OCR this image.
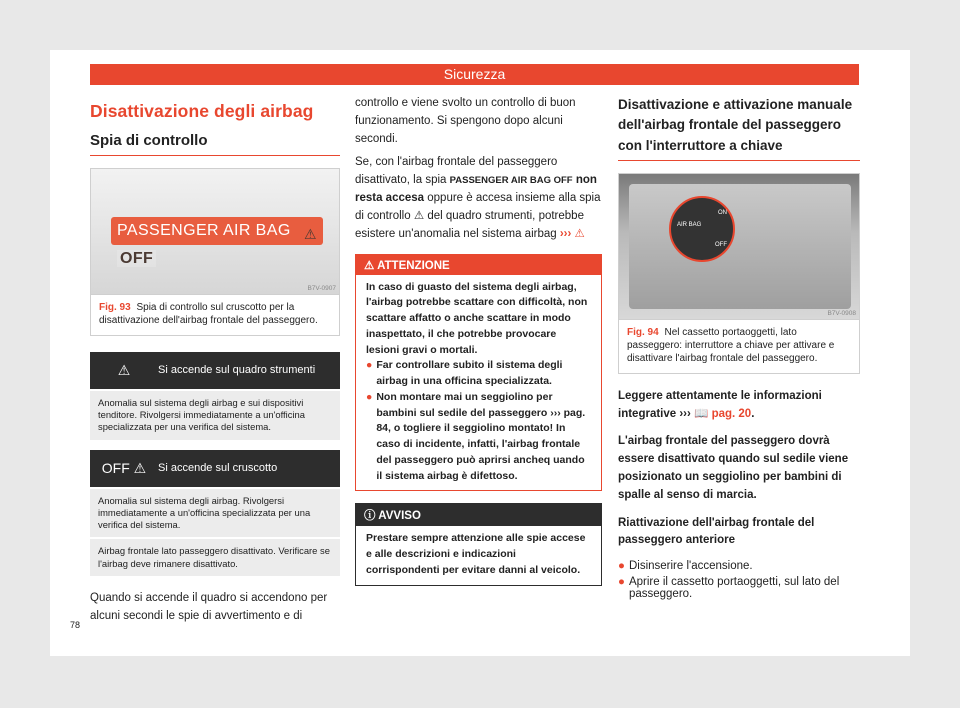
Sicurezza
Disattivazione degli airbag
Spia di controllo
PASSENGER AIR BAG OFF
⚠
B7V-0907
Fig. 93 Spia di controllo sul cruscotto per la disattivazione dell'airbag frontale del passeggero.
⚠	Si accende sul quadro strumenti
Anomalia sul sistema degli airbag e sui dispositivi tenditore. Rivolgersi immediatamente a un'officina specializzata per una verifica del sistema.
OFF ⚠	Si accende sul cruscotto
Anomalia sul sistema degli airbag. Rivolgersi immediatamente a un'officina specializzata per una verifica del sistema.
Airbag frontale lato passeggero disattivato. Verificare se l'airbag deve rimanere disattivato.

Quando si accende il quadro si accendono per alcuni secondi le spie di avvertimento e di

78

controllo e viene svolto un controllo di buon funzionamento. Si spengono dopo alcuni secondi.

Se, con l'airbag frontale del passeggero disattivato, la spia PASSENGER AIR BAG OFF non resta accesa oppure è accesa insieme alla spia di controllo ⚠ del quadro strumenti, potrebbe esistere un'anomalia nel sistema airbag ››› ⚠

⚠ ATTENZIONE
In caso di guasto del sistema degli airbag, l'airbag potrebbe scattare con difficoltà, non scattare affatto o anche scattare in modo inaspettato, il che potrebbe provocare lesioni gravi o mortali.
● Far controllare subito il sistema degli airbag in una officina specializzata.
● Non montare mai un seggiolino per bambini sul sedile del passeggero ››› pag. 84, o togliere il seggiolino montato! In caso di incidente, infatti, l'airbag frontale del passeggero può aprirsi ancheq uando il sistema airbag è difettoso.
ⓘ AVVISO
Prestare sempre attenzione alle spie accese e alle descrizioni e indicazioni corrispondenti per evitare danni al veicolo.
Disattivazione e attivazione manuale dell'airbag frontale del passeggero con l'interruttore a chiave
AIR BAG
ON
OFF
B7V-0908
Fig. 94 Nel cassetto portaoggetti, lato passeggero: interruttore a chiave per attivare e disattivare l'airbag frontale del passeggero.

Leggere attentamente le informazioni integrative ››› 📖 pag. 20.

L'airbag frontale del passeggero dovrà essere disattivato quando sul sedile viene posizionato un seggiolino per bambini di spalle al senso di marcia.

Riattivazione dell'airbag frontale del passeggero anteriore

● Disinserire l'accensione.
● Aprire il cassetto portaoggetti, sul lato del passeggero.
